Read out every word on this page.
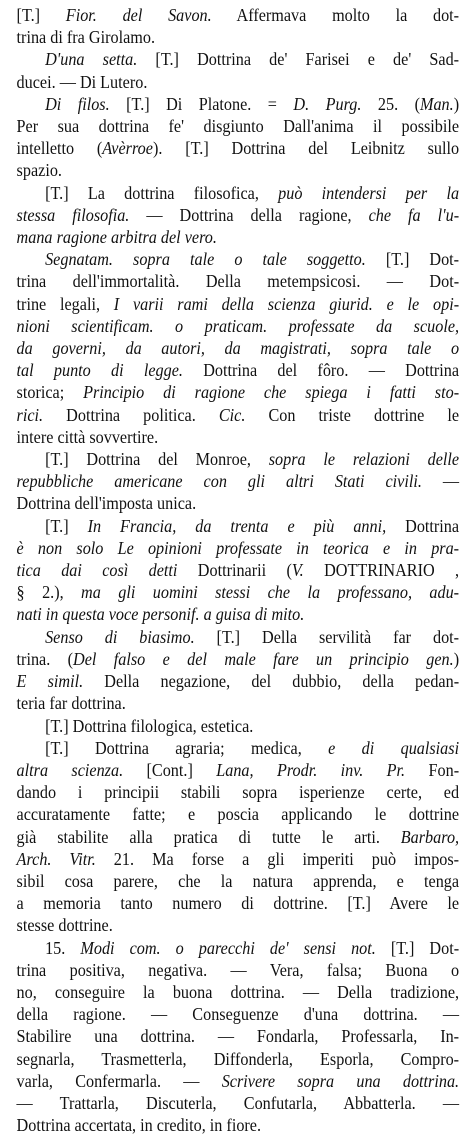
[T.] Fior. del Savon. Affermava molto la dot-
trina di fra Girolamo.
D'una setta. [T.] Dottrina de' Farisei e de' Sad-
ducei. — Di Lutero.
Di filos. [T.] Di Platone. = D. Purg. 25. (Man.)
Per sua dottrina fe' disgiunto Dall'anima il possibile
intelletto (Avèrroe). [T.] Dottrina del Leibnitz sullo
spazio.
[T.] La dottrina filosofica, può intendersi per la
stessa filosofia. — Dottrina della ragione, che fa l'u-
mana ragione arbitra del vero.
Segnatam. sopra tale o tale soggetto. [T.] Dot-
trina dell'immortalità. Della metempsicosi. — Dot-
trine legali, I varii rami della scienza giurid. e le opi-
nioni scientificam. o praticam. professate da scuole,
da governi, da autori, da magistrati, sopra tale o
tal punto di legge. Dottrina del fôro. — Dottrina
storica; Principio di ragione che spiega i fatti sto-
rici. Dottrina politica. Cic. Con triste dottrine le
intere città sovvertire.
[T.] Dottrina del Monroe, sopra le relazioni delle
repubbliche americane con gli altri Stati civili. —
Dottrina dell'imposta unica.
[T.] In Francia, da trenta e più anni, Dottrina
è non solo Le opinioni professate in teorica e in pra-
tica dai così detti Dottrinarii (V. DOTTRINARIO ,
§ 2.), ma gli uomini stessi che la professano, adu-
nati in questa voce personif. a guisa di mito.
Senso di biasimo. [T.] Della servilità far dot-
trina. (Del falso e del male fare un principio gen.)
E simil. Della negazione, del dubbio, della pedan-
teria far dottrina.
[T.] Dottrina filologica, estetica.
[T.] Dottrina agraria; medica, e di qualsiasi
altra scienza. [Cont.] Lana, Prodr. inv. Pr. Fon-
dando i principii stabili sopra isperienze certe, ed
accuratamente fatte; e poscia applicando le dottrine
già stabilite alla pratica di tutte le arti. Barbaro,
Arch. Vitr. 21. Ma forse a gli imperiti può impos-
sibil cosa parere, che la natura apprenda, e tenga
a memoria tanto numero di dottrine. [T.] Avere le
stesse dottrine.
15. Modi com. o parecchi de' sensi not. [T.] Dot-
trina positiva, negativa. — Vera, falsa; Buona o
no, conseguire la buona dottrina. — Della tradizione,
della ragione. — Conseguenze d'una dottrina. —
Stabilire una dottrina. — Fondarla, Professarla, In-
segnarla, Trasmetterla, Diffonderla, Esporla, Compro-
varla, Confermarla. — Scrivere sopra una dottrina.
— Trattarla, Discuterla, Confutarla, Abbatterla. —
Dottrina accertata, in credito, in fiore.
